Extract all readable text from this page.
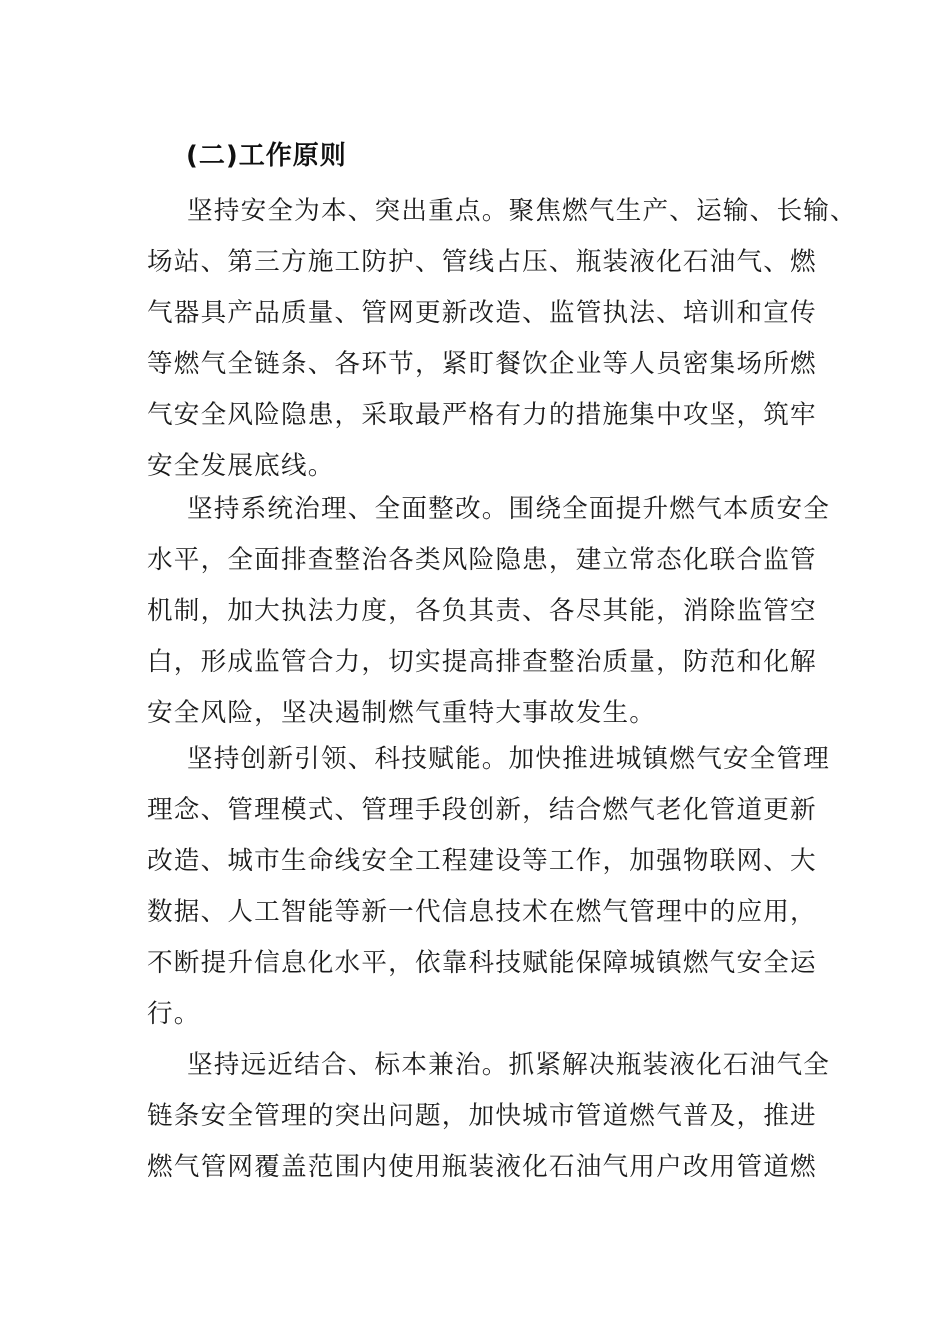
(二)工作原则
坚持安全为本、突出重点。聚焦燃气生产、运输、长输、
场站、第三方施工防护、管线占压、瓶装液化石油气、燃
气器具产品质量、管网更新改造、监管执法、培训和宣传
等燃气全链条、各环节，紧盯餐饮企业等人员密集场所燃
气安全风险隐患，采取最严格有力的措施集中攻坚，筑牢
安全发展底线。
坚持系统治理、全面整改。围绕全面提升燃气本质安全
水平，全面排查整治各类风险隐患，建立常态化联合监管
机制，加大执法力度，各负其责、各尽其能，消除监管空
白，形成监管合力，切实提高排查整治质量，防范和化解
安全风险，坚决遏制燃气重特大事故发生。
坚持创新引领、科技赋能。加快推进城镇燃气安全管理
理念、管理模式、管理手段创新，结合燃气老化管道更新
改造、城市生命线安全工程建设等工作，加强物联网、大
数据、人工智能等新一代信息技术在燃气管理中的应用，
不断提升信息化水平，依靠科技赋能保障城镇燃气安全运
行。
坚持远近结合、标本兼治。抓紧解决瓶装液化石油气全
链条安全管理的突出问题，加快城市管道燃气普及，推进
燃气管网覆盖范围内使用瓶装液化石油气用户改用管道燃
